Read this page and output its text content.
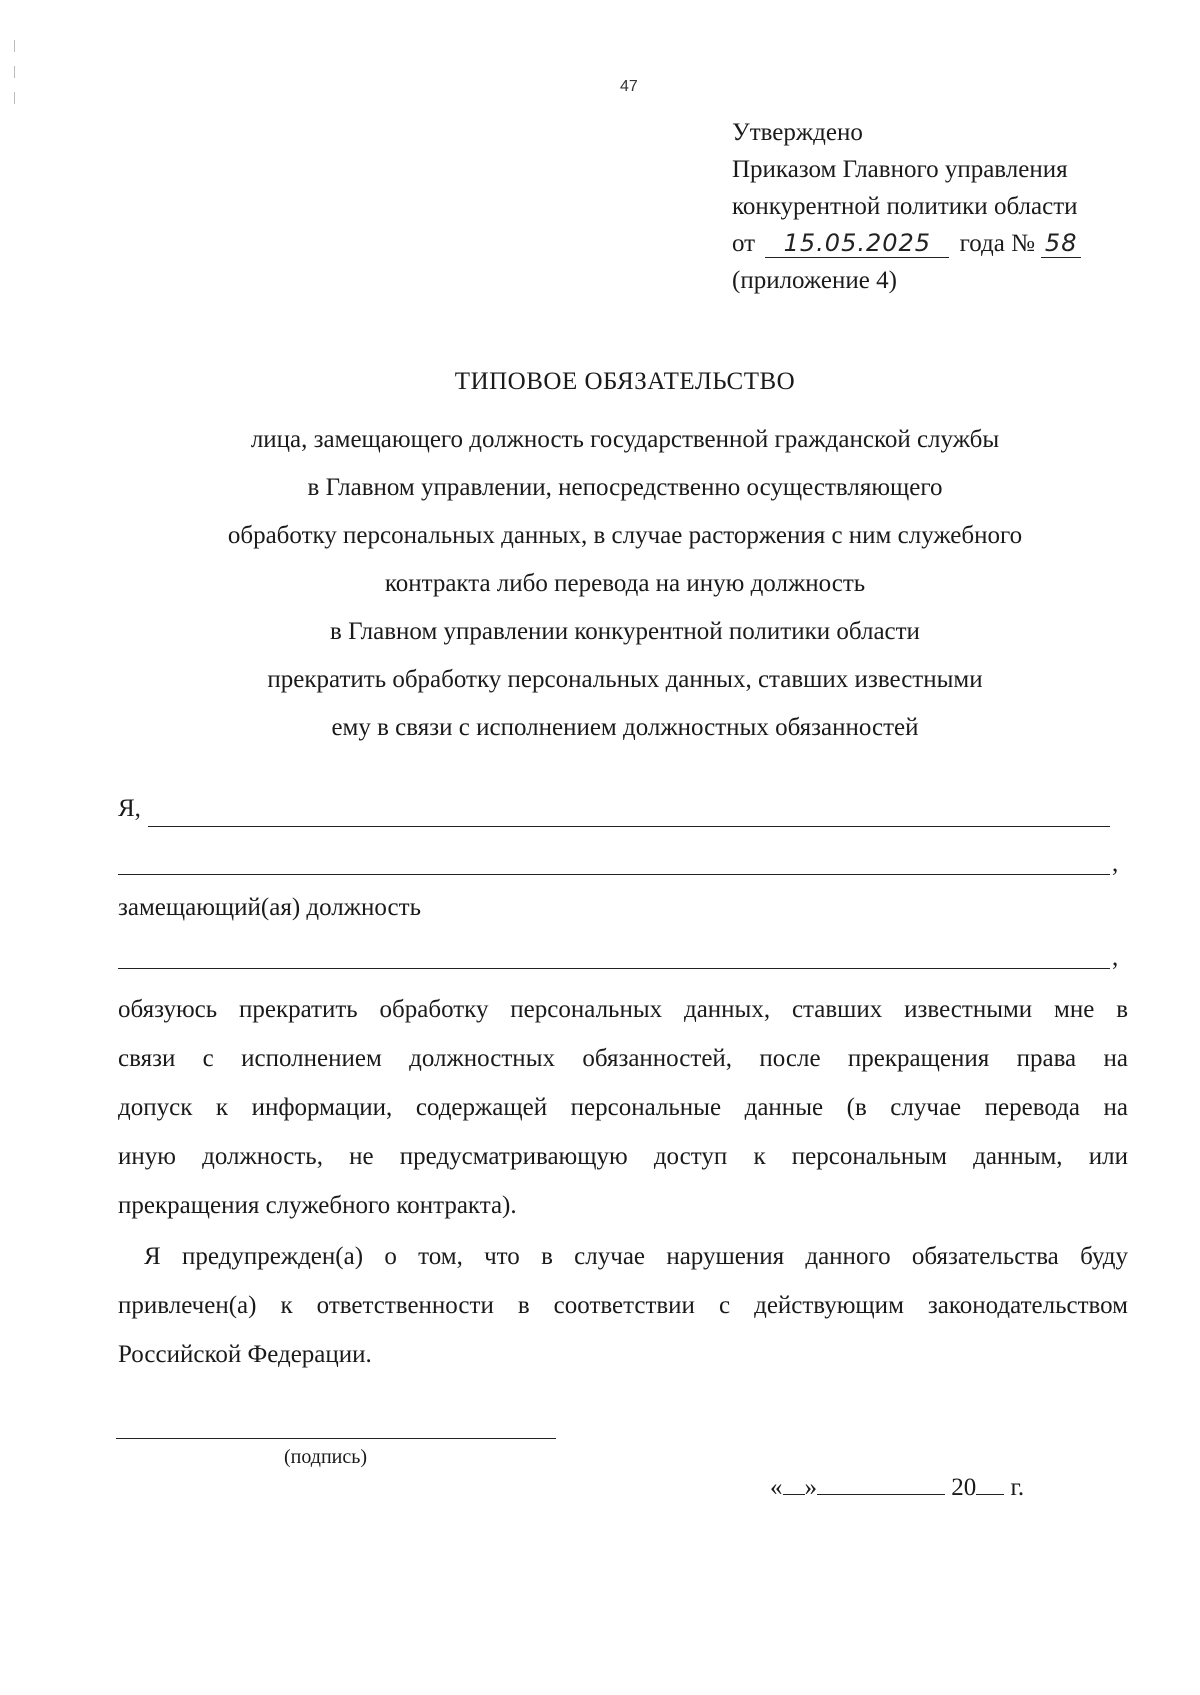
47
Утверждено
Приказом Главного управления
конкурентной политики области
от 15.05.2025 года № 58
(приложение 4)
ТИПОВОЕ ОБЯЗАТЕЛЬСТВО
лица, замещающего должность государственной гражданской службы
в Главном управлении, непосредственно осуществляющего
обработку персональных данных, в случае расторжения с ним служебного
контракта либо перевода на иную должность
в Главном управлении конкурентной политики области
прекратить обработку персональных данных, ставших известными
ему в связи с исполнением должностных обязанностей
Я,
,
замещающий(ая) должность
,
обязуюсь прекратить обработку персональных данных, ставших известными мне в
связи с исполнением должностных обязанностей, после прекращения права на
допуск к информации, содержащей персональные данные (в случае перевода на
иную должность, не предусматривающую доступ к персональным данным, или
прекращения служебного контракта).
Я предупрежден(а) о том, что в случае нарушения данного обязательства буду
привлечен(а) к ответственности в соответствии с действующим законодательством
Российской Федерации.
(подпись)
« »	20 г.
